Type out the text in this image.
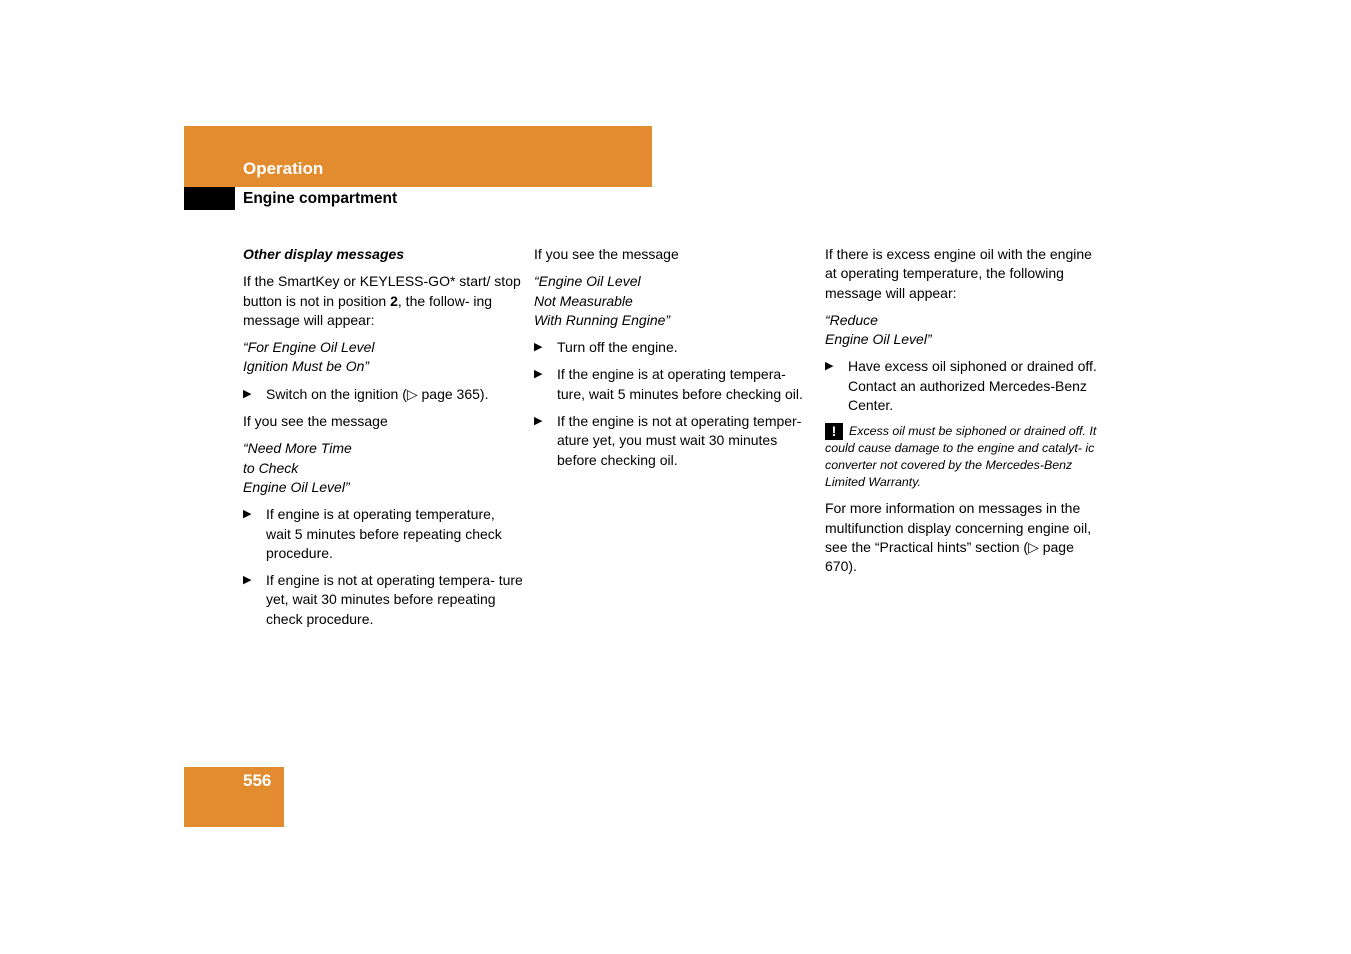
Operation
Engine compartment

Other display messages

If the SmartKey or KEYLESS-GO* start/ stop button is not in position 2, the follow- ing message will appear:

“For Engine Oil Level
Ignition Must be On”
▶ Switch on the ignition (▷ page 365).

If you see the message

“Need More Time
to Check
Engine Oil Level”
▶ If engine is at operating temperature, wait 5 minutes before repeating check procedure.
▶ If engine is not at operating tempera- ture yet, wait 30 minutes before repeating check procedure.

If you see the message

“Engine Oil Level
Not Measurable
With Running Engine”
▶ Turn off the engine.
▶ If the engine is at operating tempera- ture, wait 5 minutes before checking oil.
▶ If the engine is not at operating temper- ature yet, you must wait 30 minutes before checking oil.

If there is excess engine oil with the engine at operating temperature, the following message will appear:

“Reduce
Engine Oil Level”
▶ Have excess oil siphoned or drained off. Contact an authorized Mercedes-Benz Center.

! Excess oil must be siphoned or drained off. It could cause damage to the engine and catalyt- ic converter not covered by the Mercedes-Benz Limited Warranty.

For more information on messages in the multifunction display concerning engine oil, see the “Practical hints” section (▷ page 670).

556
